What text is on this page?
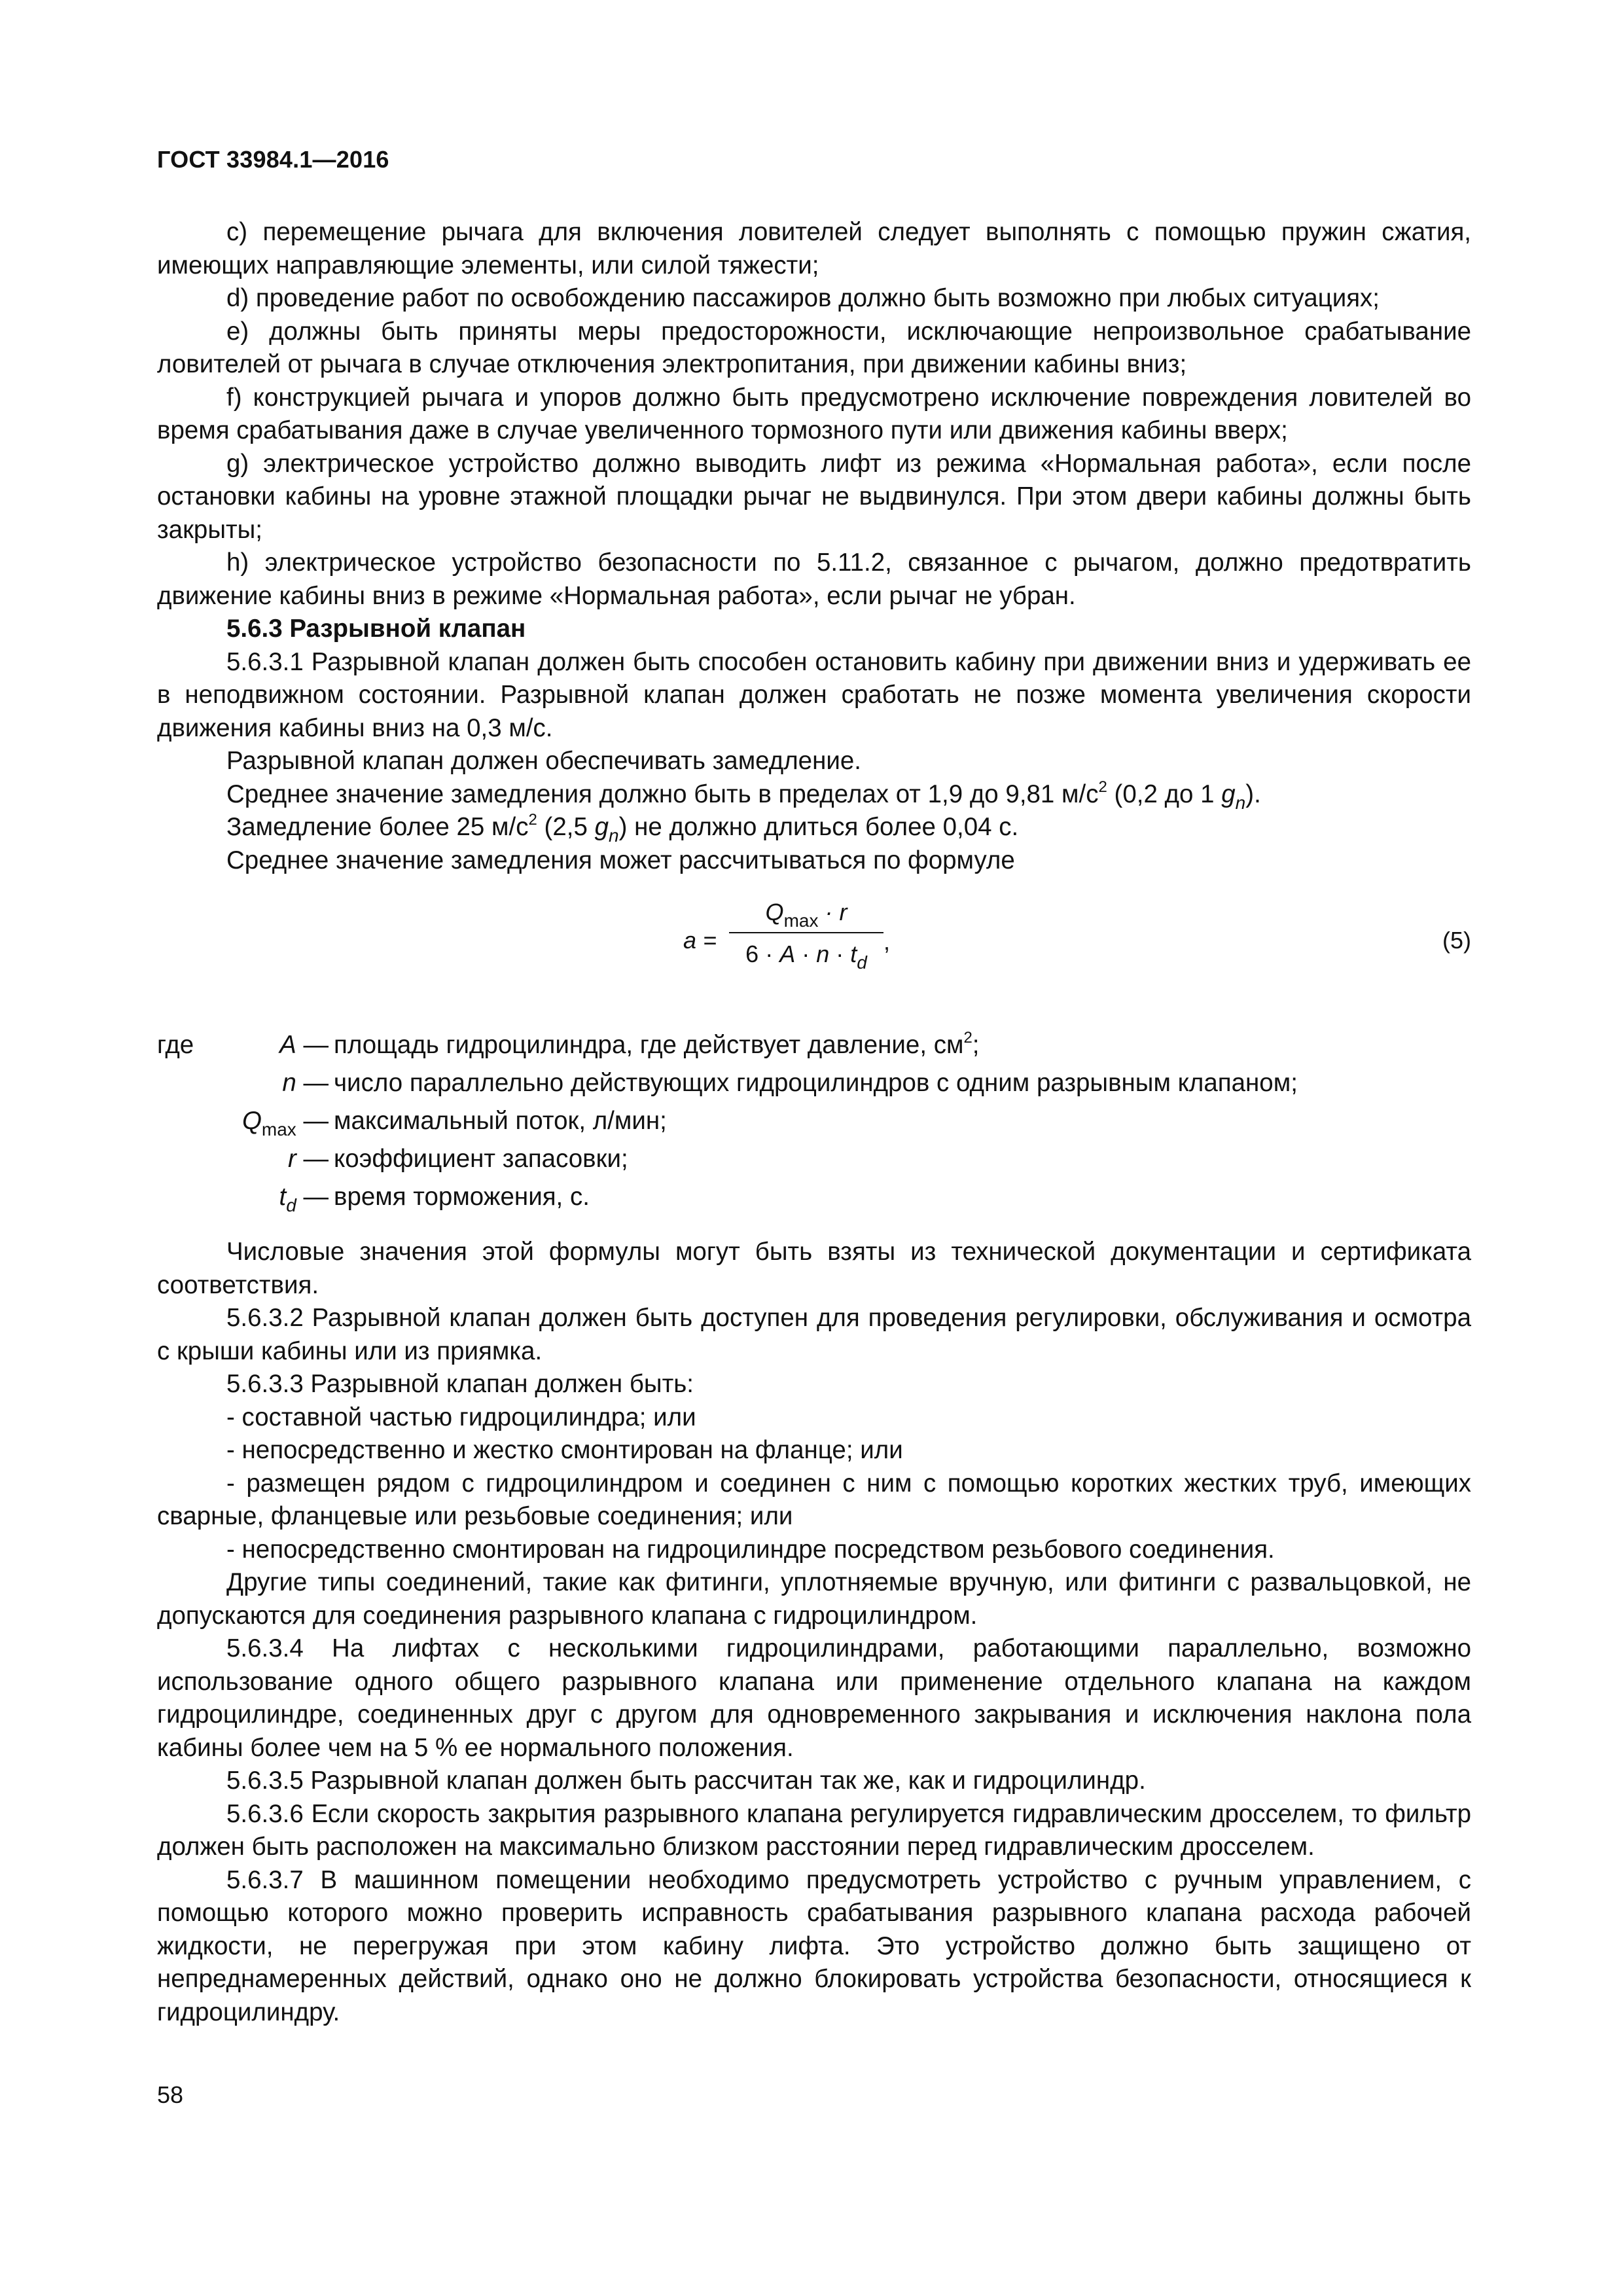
ГОСТ 33984.1—2016

c) перемещение рычага для включения ловителей следует выполнять с помощью пружин сжатия, имеющих направляющие элементы, или силой тяжести;

d) проведение работ по освобождению пассажиров должно быть возможно при любых ситуациях;

e) должны быть приняты меры предосторожности, исключающие непроизвольное срабатывание ловителей от рычага в случае отключения электропитания, при движении кабины вниз;

f) конструкцией рычага и упоров должно быть предусмотрено исключение повреждения ловителей во время срабатывания даже в случае увеличенного тормозного пути или движения кабины вверх;

g) электрическое устройство должно выводить лифт из режима «Нормальная работа», если после остановки кабины на уровне этажной площадки рычаг не выдвинулся. При этом двери кабины должны быть закрыты;

h) электрическое устройство безопасности по 5.11.2, связанное с рычагом, должно предотвратить движение кабины вниз в режиме «Нормальная работа», если рычаг не убран.

5.6.3 Разрывной клапан

5.6.3.1 Разрывной клапан должен быть способен остановить кабину при движении вниз и удерживать ее в неподвижном состоянии. Разрывной клапан должен сработать не позже момента увеличения скорости движения кабины вниз на 0,3 м/с.

Разрывной клапан должен обеспечивать замедление.

Среднее значение замедления должно быть в пределах от 1,9 до 9,81 $м/с^2$ (0,2 до 1 $g_n$).

Замедление более 25 $м/с^2$ (2,5 $g_n$) не должно длиться более 0,04 с.

Среднее значение замедления может рассчитываться по формуле

a =
$Q_{max} \cdot r$
$6 \cdot A \cdot n \cdot t_d$
,	(5)
где	A — площадь гидроцилиндра, где действует давление, $см^2$;
n — число параллельно действующих гидроцилиндров с одним разрывным клапаном;
$Q_{max}$ — максимальный поток, л/мин;
r — коэффициент запасовки;
$t_d$ — время торможения, с.

Числовые значения этой формулы могут быть взяты из технической документации и сертификата соответствия.

5.6.3.2 Разрывной клапан должен быть доступен для проведения регулировки, обслуживания и осмотра с крыши кабины или из приямка.

5.6.3.3 Разрывной клапан должен быть:

- составной частью гидроцилиндра; или

- непосредственно и жестко смонтирован на фланце; или

- размещен рядом с гидроцилиндром и соединен с ним с помощью коротких жестких труб, имеющих сварные, фланцевые или резьбовые соединения; или

- непосредственно смонтирован на гидроцилиндре посредством резьбового соединения.

Другие типы соединений, такие как фитинги, уплотняемые вручную, или фитинги с развальцовкой, не допускаются для соединения разрывного клапана с гидроцилиндром.

5.6.3.4 На лифтах с несколькими гидроцилиндрами, работающими параллельно, возможно использование одного общего разрывного клапана или применение отдельного клапана на каждом гидроцилиндре, соединенных друг с другом для одновременного закрывания и исключения наклона пола кабины более чем на 5 % ее нормального положения.

5.6.3.5 Разрывной клапан должен быть рассчитан так же, как и гидроцилиндр.

5.6.3.6 Если скорость закрытия разрывного клапана регулируется гидравлическим дросселем, то фильтр должен быть расположен на максимально близком расстоянии перед гидравлическим дросселем.

5.6.3.7 В машинном помещении необходимо предусмотреть устройство с ручным управлением, с помощью которого можно проверить исправность срабатывания разрывного клапана расхода рабочей жидкости, не перегружая при этом кабину лифта. Это устройство должно быть защищено от непреднамеренных действий, однако оно не должно блокировать устройства безопасности, относящиеся к гидроцилиндру.

58
